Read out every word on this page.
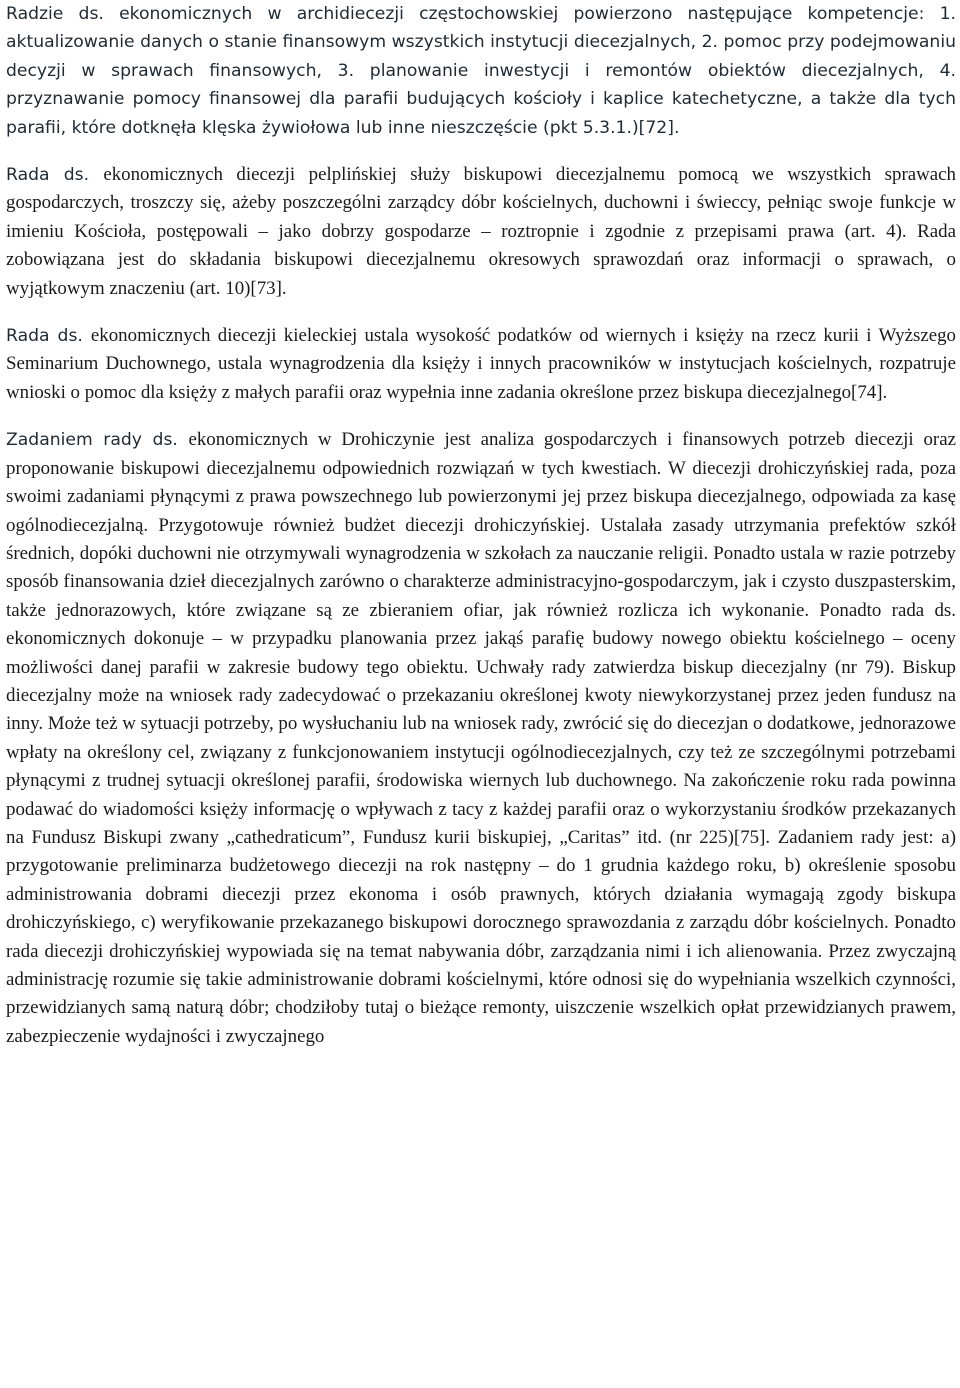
Radzie ds. ekonomicznych w archidiecezji częstochowskiej powierzono następujące kompetencje: 1. aktualizowanie danych o stanie finansowym wszystkich instytucji diecezjalnych, 2. pomoc przy podejmowaniu decyzji w sprawach finansowych, 3. planowanie inwestycji i remontów obiektów diecezjalnych, 4. przyznawanie pomocy finansowej dla parafii budujących kościoły i kaplice katechetyczne, a także dla tych parafii, które dotknęła klęska żywiołowa lub inne nieszczęście (pkt 5.3.1.)[72].

Rada ds. ekonomicznych diecezji pelplińskiej służy biskupowi diecezjalnemu pomocą we wszystkich sprawach gospodarczych, troszczy się, ażeby poszczególni zarządcy dóbr kościelnych, duchowni i świeccy, pełniąc swoje funkcje w imieniu Kościoła, postępowali – jako dobrzy gospodarze – roztropnie i zgodnie z przepisami prawa (art. 4). Rada zobowiązana jest do składania biskupowi diecezjalnemu okresowych sprawozdań oraz informacji o sprawach, o wyjątkowym znaczeniu (art. 10)[73].

Rada ds. ekonomicznych diecezji kieleckiej ustala wysokość podatków od wiernych i księży na rzecz kurii i Wyższego Seminarium Duchownego, ustala wynagrodzenia dla księży i innych pracowników w instytucjach kościelnych, rozpatruje wnioski o pomoc dla księży z małych parafii oraz wypełnia inne zadania określone przez biskupa diecezjalnego[74].

Zadaniem rady ds. ekonomicznych w Drohiczynie jest analiza gospodarczych i finansowych potrzeb diecezji oraz proponowanie biskupowi diecezjalnemu odpowiednich rozwiązań w tych kwestiach. W diecezji drohiczyńskiej rada, poza swoimi zadaniami płynącymi z prawa powszechnego lub powierzonymi jej przez biskupa diecezjalnego, odpowiada za kasę ogólnodiecezjalną. Przygotowuje również budżet diecezji drohiczyńskiej. Ustalała zasady utrzymania prefektów szkół średnich, dopóki duchowni nie otrzymywali wynagrodzenia w szkołach za nauczanie religii. Ponadto ustala w razie potrzeby sposób finansowania dzieł diecezjalnych zarówno o charakterze administracyjno-gospodarczym, jak i czysto duszpasterskim, także jednorazowych, które związane są ze zbieraniem ofiar, jak również rozlicza ich wykonanie. Ponadto rada ds. ekonomicznych dokonuje – w przypadku planowania przez jakąś parafię budowy nowego obiektu kościelnego – oceny możliwości danej parafii w zakresie budowy tego obiektu. Uchwały rady zatwierdza biskup diecezjalny (nr 79). Biskup diecezjalny może na wniosek rady zadecydować o przekazaniu określonej kwoty niewykorzystanej przez jeden fundusz na inny. Może też w sytuacji potrzeby, po wysłuchaniu lub na wniosek rady, zwrócić się do diecezjan o dodatkowe, jednorazowe wpłaty na określony cel, związany z funkcjonowaniem instytucji ogólnodiecezjalnych, czy też ze szczególnymi potrzebami płynącymi z trudnej sytuacji określonej parafii, środowiska wiernych lub duchownego. Na zakończenie roku rada powinna podawać do wiadomości księży informację o wpływach z tacy z każdej parafii oraz o wykorzystaniu środków przekazanych na Fundusz Biskupi zwany „cathedraticum”, Fundusz kurii biskupiej, „Caritas” itd. (nr 225)[75]. Zadaniem rady jest: a) przygotowanie preliminarza budżetowego diecezji na rok następny – do 1 grudnia każdego roku, b) określenie sposobu administrowania dobrami diecezji przez ekonoma i osób prawnych, których działania wymagają zgody biskupa drohiczyńskiego, c) weryfikowanie przekazanego biskupowi dorocznego sprawozdania z zarządu dóbr kościelnych. Ponadto rada diecezji drohiczyńskiej wypowiada się na temat nabywania dóbr, zarządzania nimi i ich alienowania. Przez zwyczajną administrację rozumie się takie administrowanie dobrami kościelnymi, które odnosi się do wypełniania wszelkich czynności, przewidzianych samą naturą dóbr; chodziłoby tutaj o bieżące remonty, uiszczenie wszelkich opłat przewidzianych prawem, zabezpieczenie wydajności i zwyczajnego
